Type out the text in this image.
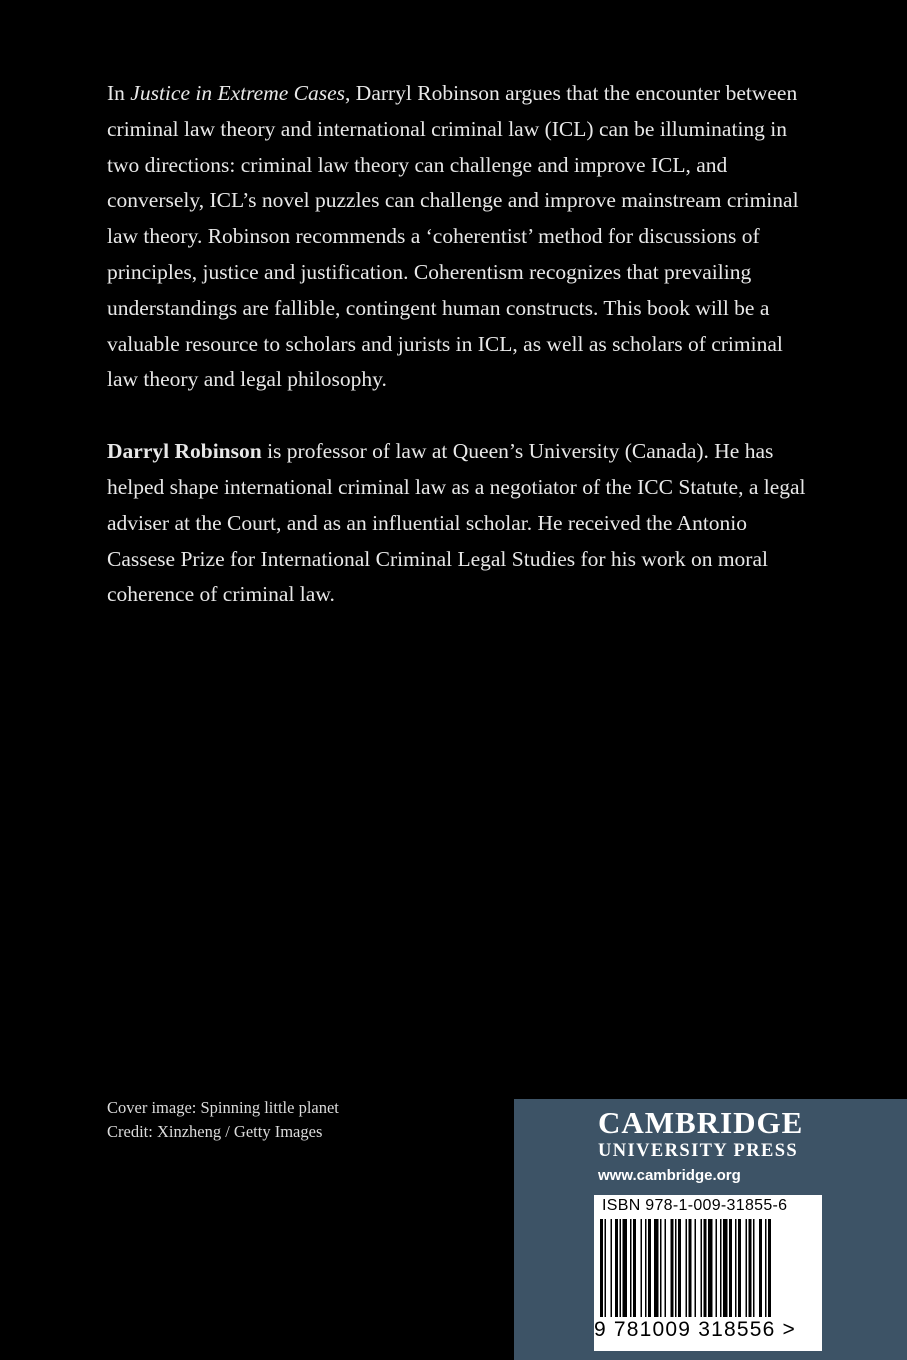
In Justice in Extreme Cases, Darryl Robinson argues that the encounter between criminal law theory and international criminal law (ICL) can be illuminating in two directions: criminal law theory can challenge and improve ICL, and conversely, ICL’s novel puzzles can challenge and improve mainstream criminal law theory. Robinson recommends a ‘coherentist’ method for discussions of principles, justice and justification. Coherentism recognizes that prevailing understandings are fallible, contingent human constructs. This book will be a valuable resource to scholars and jurists in ICL, as well as scholars of criminal law theory and legal philosophy.

Darryl Robinson is professor of law at Queen’s University (Canada). He has helped shape international criminal law as a negotiator of the ICC Statute, a legal adviser at the Court, and as an influential scholar. He received the Antonio Cassese Prize for International Criminal Legal Studies for his work on moral coherence of criminal law.

Cover image: Spinning little planet
Credit: Xinzheng / Getty Images	CAMBRIDGE
UNIVERSITY PRESS
www.cambridge.org
ISBN 978-1-009-31855-6
9 781009 318556 >
